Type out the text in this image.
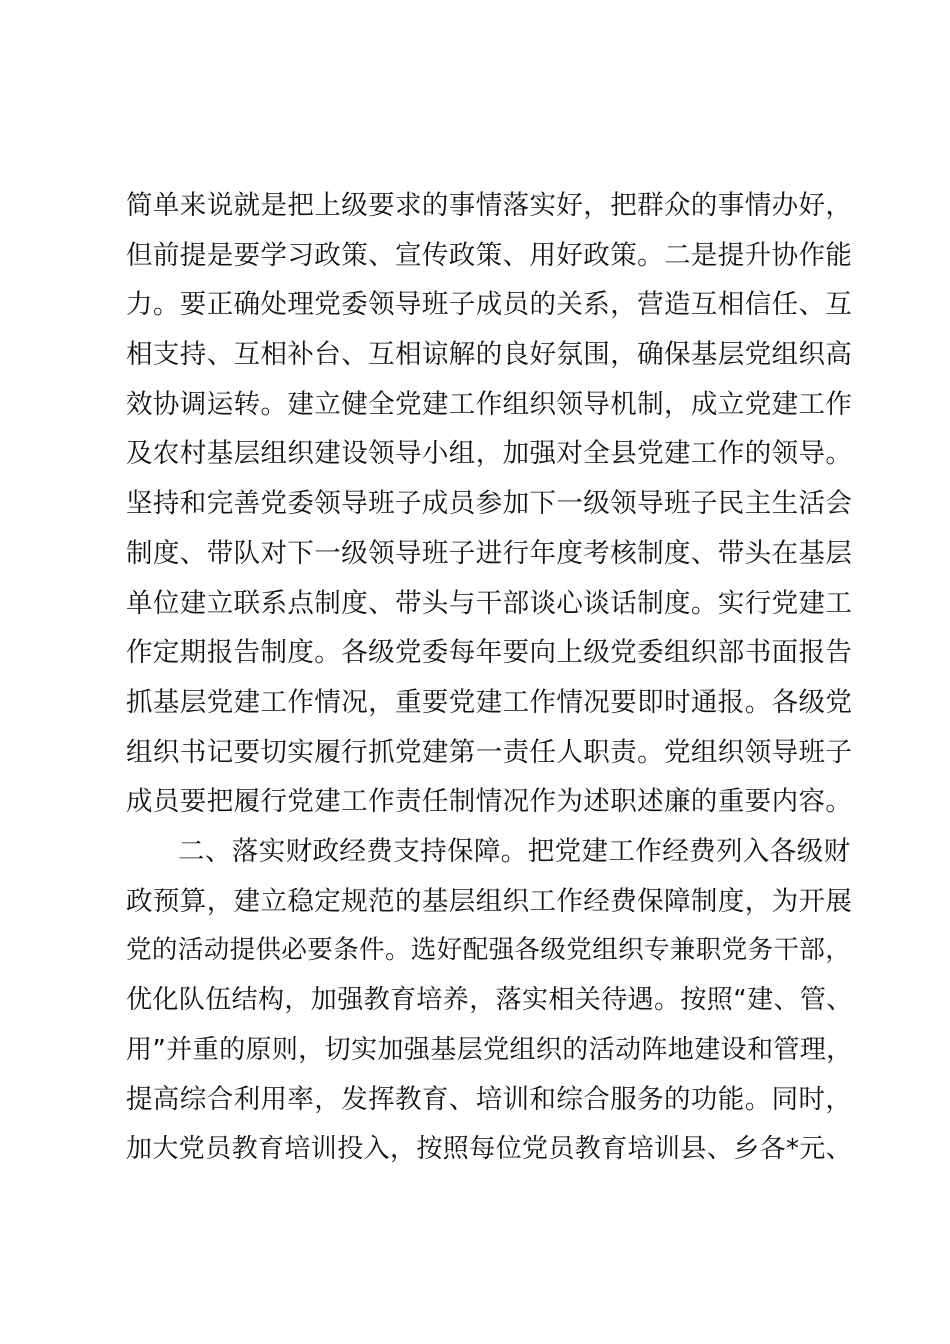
简单来说就是把上级要求的事情落实好，把群众的事情办好，
但前提是要学习政策、宣传政策、用好政策。二是提升协作能
力。要正确处理党委领导班子成员的关系，营造互相信任、互
相支持、互相补台、互相谅解的良好氛围，确保基层党组织高
效协调运转。建立健全党建工作组织领导机制，成立党建工作
及农村基层组织建设领导小组，加强对全县党建工作的领导。
坚持和完善党委领导班子成员参加下一级领导班子民主生活会
制度、带队对下一级领导班子进行年度考核制度、带头在基层
单位建立联系点制度、带头与干部谈心谈话制度。实行党建工
作定期报告制度。各级党委每年要向上级党委组织部书面报告
抓基层党建工作情况，重要党建工作情况要即时通报。各级党
组织书记要切实履行抓党建第一责任人职责。党组织领导班子
成员要把履行党建工作责任制情况作为述职述廉的重要内容。
二、落实财政经费支持保障。把党建工作经费列入各级财
政预算，建立稳定规范的基层组织工作经费保障制度，为开展
党的活动提供必要条件。选好配强各级党组织专兼职党务干部，
优化队伍结构，加强教育培养，落实相关待遇。按照“建、管、
用”并重的原则，切实加强基层党组织的活动阵地建设和管理，
提高综合利用率，发挥教育、培训和综合服务的功能。同时，
加大党员教育培训投入，按照每位党员教育培训县、乡各*元、
